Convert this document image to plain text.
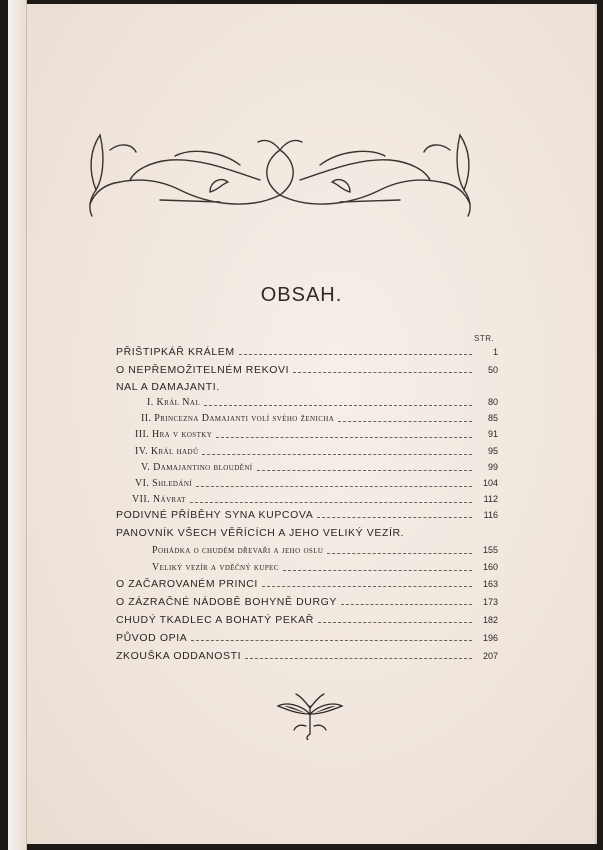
OBSAH.
STR.
PŘIŠTIPKÁŘ KRÁLEM	1
O NEPŘEMOŽITELNÉM REKOVI	50
NAL A DAMAJANTI.
I. Král Nal	80
II. Princezna Damajanti volí svého ženicha	85
III. Hra v kostky	91
IV. Král hadů	95
V. Damajantino bloudění	99
VI. Shledání	104
VII. Návrat	112
PODIVNÉ PŘÍBĚHY SYNA KUPCOVA	116
PANOVNÍK VŠECH VĚŘÍCÍCH A JEHO VELIKÝ VEZÍR.
Pohádka o chudém dřevaři a jeho oslu	155
Veliký vezír a vděčný kupec	160
O ZAČAROVANÉM PRINCI	163
O ZÁZRAČNÉ NÁDOBĚ BOHYNĚ DURGY	173
CHUDÝ TKADLEC A BOHATÝ PEKAŘ	182
PŮVOD OPIA	196
ZKOUŠKA ODDANOSTI	207
